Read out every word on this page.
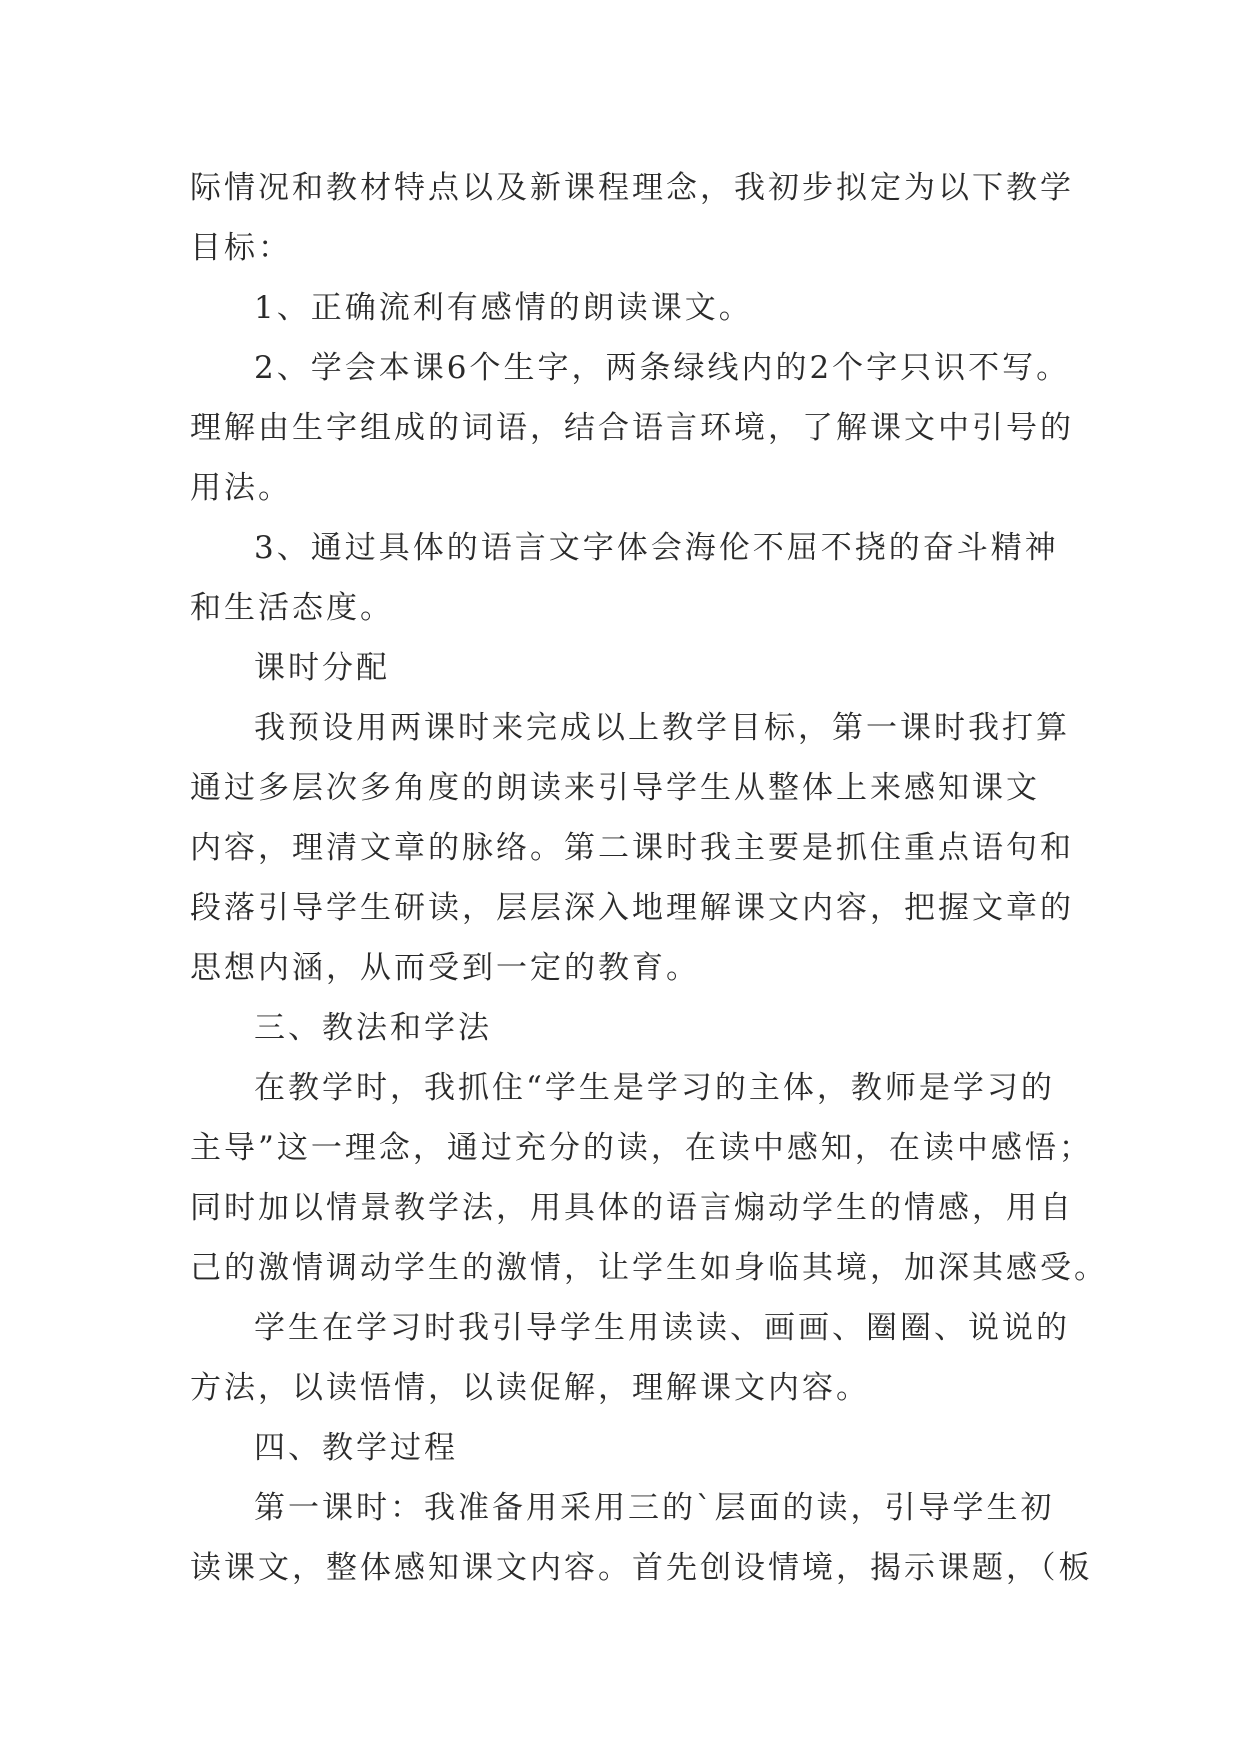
际情况和教材特点以及新课程理念，我初步拟定为以下教学

目标：

1、正确流利有感情的朗读课文。

2、学会本课6个生字，两条绿线内的2个字只识不写。

理解由生字组成的词语，结合语言环境，了解课文中引号的

用法。

3、通过具体的语言文字体会海伦不屈不挠的奋斗精神

和生活态度。

课时分配

我预设用两课时来完成以上教学目标，第一课时我打算

通过多层次多角度的朗读来引导学生从整体上来感知课文

内容，理清文章的脉络。第二课时我主要是抓住重点语句和

段落引导学生研读，层层深入地理解课文内容，把握文章的

思想内涵，从而受到一定的教育。

三、教法和学法

在教学时，我抓住“学生是学习的主体，教师是学习的

主导”这一理念，通过充分的读，在读中感知，在读中感悟；

同时加以情景教学法，用具体的语言煽动学生的情感，用自

己的激情调动学生的激情，让学生如身临其境，加深其感受。

学生在学习时我引导学生用读读、画画、圈圈、说说的

方法，以读悟情，以读促解，理解课文内容。

四、教学过程

第一课时：我准备用采用三的`层面的读，引导学生初

读课文，整体感知课文内容。首先创设情境，揭示课题，（板
